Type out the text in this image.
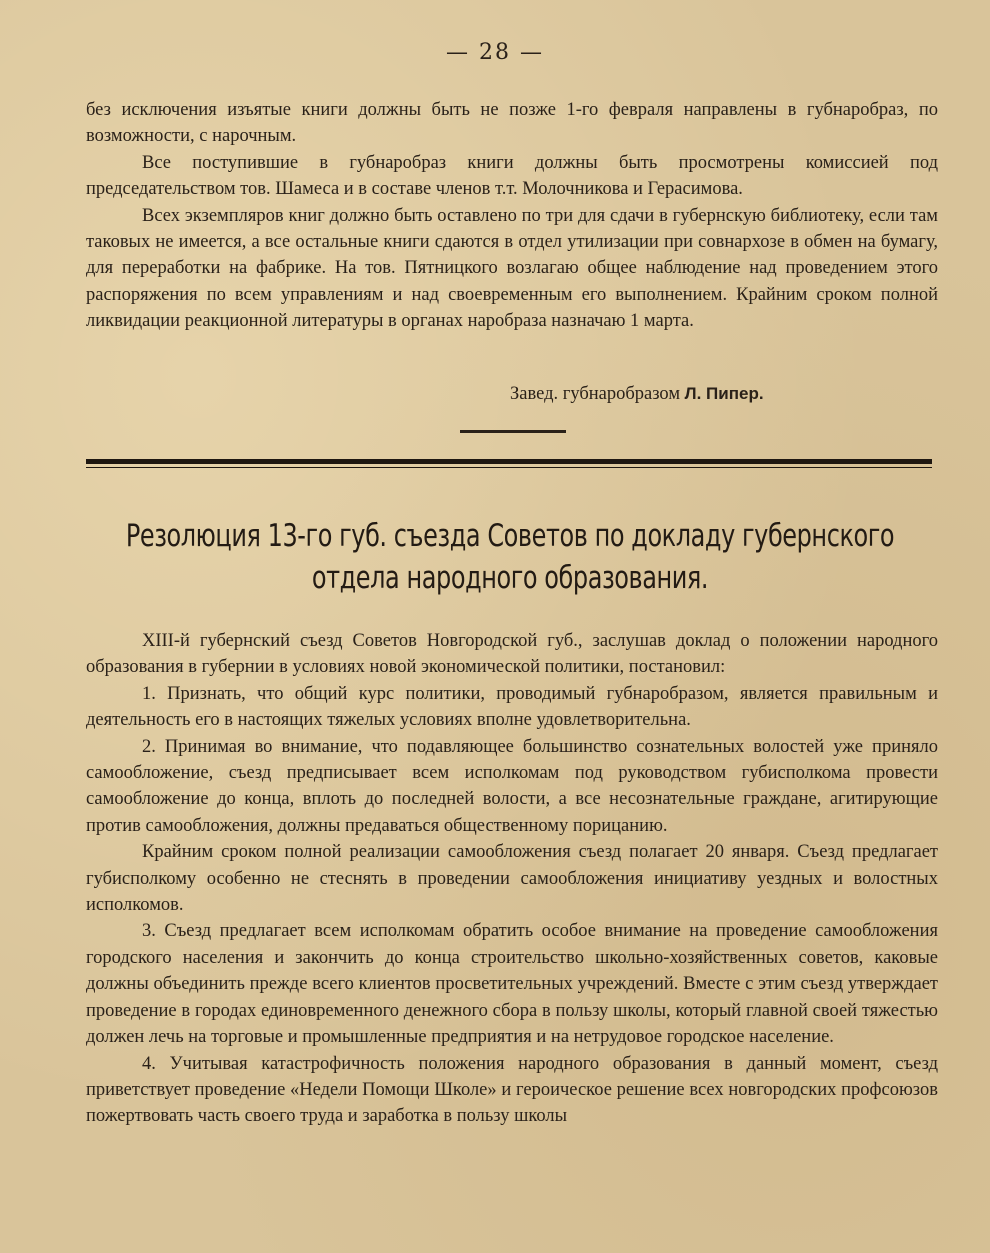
— 28 —

без исключения изъятые книги должны быть не позже 1-го февраля направлены в губнаробраз, по возможности, с нарочным.

Все поступившие в губнаробраз книги должны быть просмотрены комиссией под председательством тов. Шамеса и в составе членов т.т. Молочникова и Герасимова.

Всех экземпляров книг должно быть оставлено по три для сдачи в губернскую библиотеку, если там таковых не имеется, а все остальные книги сдаются в отдел утилизации при совнархозе в обмен на бумагу, для переработки на фабрике. На тов. Пятницкого возлагаю общее наблюдение над проведением этого распоряжения по всем управлениям и над своевременным его выполнением. Крайним сроком полной ликвидации реакционной литературы в органах наробраза назначаю 1 марта.

Завед. губнаробразом Л. Пипер.
Резолюция 13-го губ. съезда Советов по докладу губернского
отдела народного образования.

XIII-й губернский съезд Советов Новгородской губ., заслушав доклад о положении народного образования в губернии в условиях новой экономической политики, постановил:

1. Признать, что общий курс политики, проводимый губнаробразом, является правильным и деятельность его в настоящих тяжелых условиях вполне удовлетворительна.

2. Принимая во внимание, что подавляющее большинство сознательных волостей уже приняло самообложение, съезд предписывает всем исполкомам под руководством губисполкома провести самообложение до конца, вплоть до последней волости, а все несознательные граждане, агитирующие против самообложения, должны предаваться общественному порицанию.

Крайним сроком полной реализации самообложения съезд полагает 20 января. Съезд предлагает губисполкому особенно не стеснять в проведении самообложения инициативу уездных и волостных исполкомов.

3. Съезд предлагает всем исполкомам обратить особое внимание на проведение самообложения городского населения и закончить до конца строительство школьно-хозяйственных советов, каковые должны объединить прежде всего клиентов просветительных учреждений. Вместе с этим съезд утверждает проведение в городах единовременного денежного сбора в пользу школы, который главной своей тяжестью должен лечь на торговые и промышленные предприятия и на нетрудовое городское население.

4. Учитывая катастрофичность положения народного образования в данный момент, съезд приветствует проведение «Недели Помощи Школе» и героическое решение всех новгородских профсоюзов пожертвовать часть своего труда и заработка в пользу школы
